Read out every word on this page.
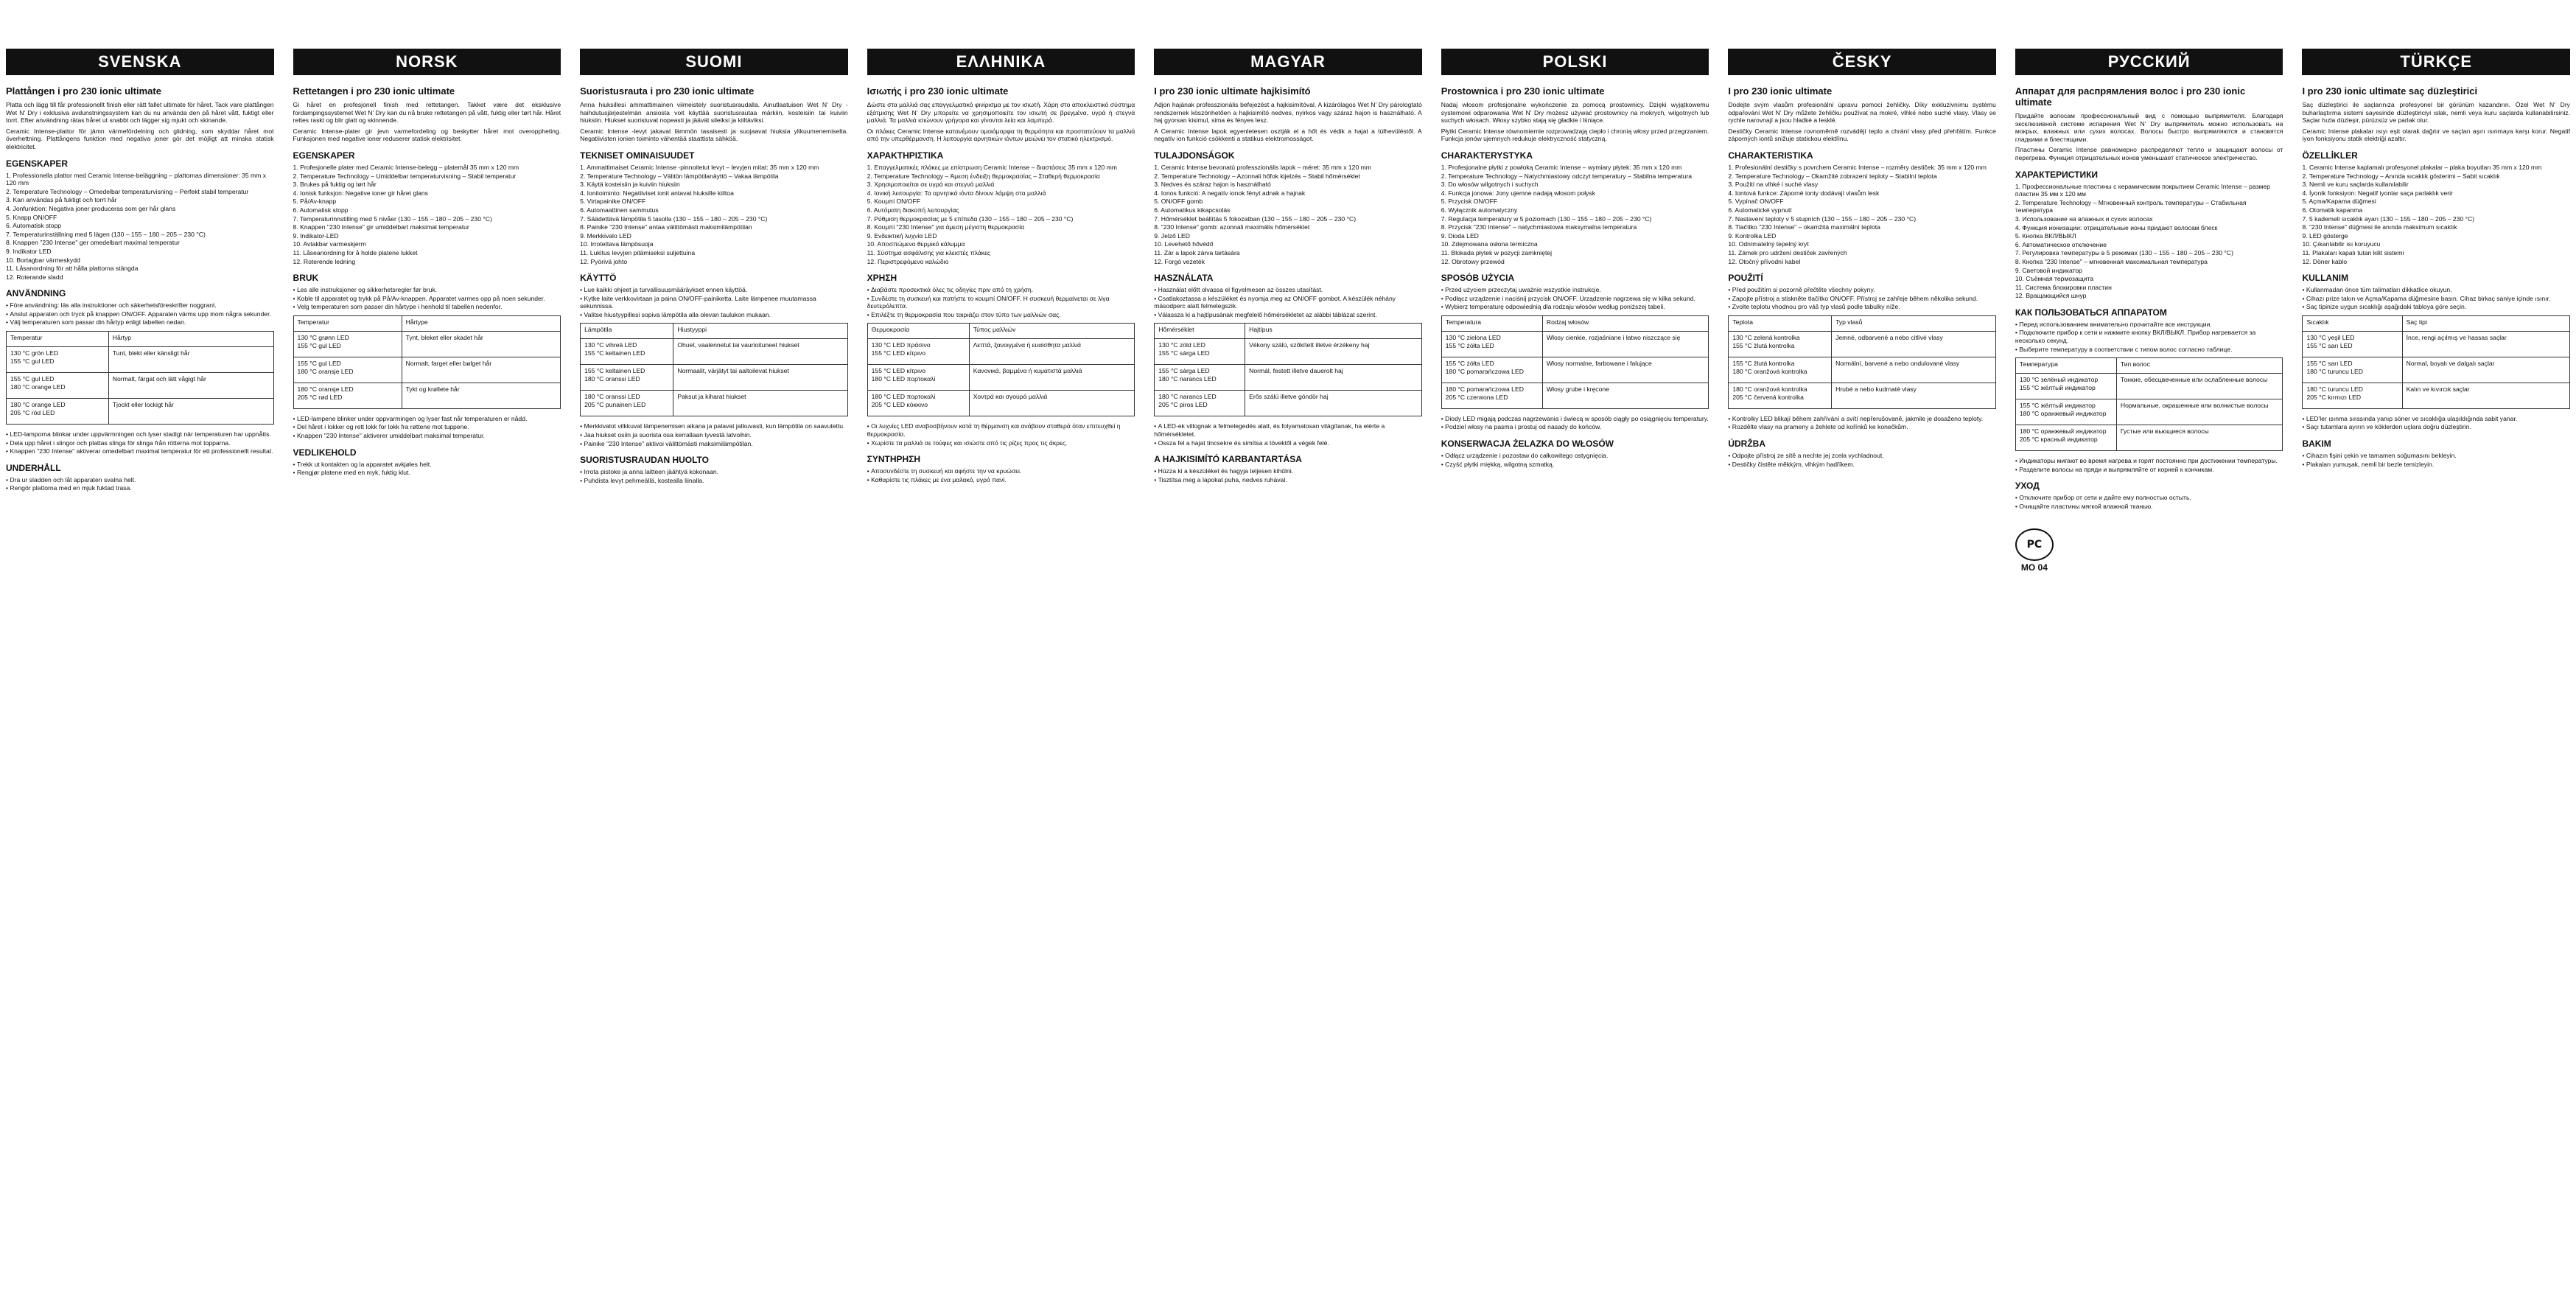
SVENSKA
Plattången i pro 230 ionic ultimate

Platta och lägg till får professionellt finish eller rätt fallet ultimate för håret. Tack vare plattången Wet N' Dry i exklusiva avdunstningssystem kan du nu använda den på håret vått, fuktigt eller torrt. Efter användning rätas håret ut snabbt och lägger sig mjukt och skinande.

Ceramic Intense-plattor för jämn värmefördelning och glidning, som skyddar håret mot överhettning. Plattångens funktion med negativa joner gör det möjligt att minska statisk elektricitet.

EGENSKAPER
1. Professionella plattor med Ceramic Intense-beläggning – plattornas dimensioner: 35 mm x 120 mm
2. Temperature Technology – Omedelbar temperaturvisning – Perfekt stabil temperatur
3. Kan användas på fuktigt och torrt hår
4. Jonfunktion: Negativa joner produceras som ger hår glans
5. Knapp ON/OFF
6. Automatisk stopp
7. Temperaturinställning med 5 lägen (130 – 155 – 180 – 205 – 230 °C)
8. Knappen "230 Intense" ger omedelbart maximal temperatur
9. Indikator LED
10. Bortagbar värmeskydd
11. Låsanordning för att hålla plattorna stängda
12. Roterande sladd
ANVÄNDNING
• Före användning: läs alla instruktioner och säkerhetsföreskrifter noggrant.
• Anslut apparaten och tryck på knappen ON/OFF. Apparaten värms upp inom några sekunder.
• Välj temperaturen som passar din hårtyp enligt tabellen nedan.
Temperatur	Hårtyp
130 °C grön LED
155 °C gul LED	Tunt, blekt eller känsligt hår
155 °C gul LED
180 °C orange LED	Normalt, färgat och lätt vågigt hår
180 °C orange LED
205 °C röd LED	Tjockt eller lockigt hår
• LED-lamporna blinkar under uppvärmningen och lyser stadigt när temperaturen har uppnåtts.
• Dela upp håret i slingor och plattas slinga för slinga från rötterna mot topparna.
• Knappen "230 Intense" aktiverar omedelbart maximal temperatur för ett professionellt resultat.
UNDERHÅLL
• Dra ur sladden och låt apparaten svalna helt.
• Rengör plattorna med en mjuk fuktad trasa.
NORSK
Rettetangen i pro 230 ionic ultimate

Gi håret en profesjonell finish med rettetangen. Takket være det eksklusive fordampingssystemet Wet N' Dry kan du nå bruke rettetangen på vått, fuktig eller tørt hår. Håret rettes raskt og blir glatt og skinnende.

Ceramic Intense-plater gir jevn varmefordeling og beskytter håret mot overoppheting. Funksjonen med negative ioner reduserer statisk elektrisitet.

EGENSKAPER
1. Profesjonelle plater med Ceramic Intense-belegg – platemål 35 mm x 120 mm
2. Temperature Technology – Umiddelbar temperaturvisning – Stabil temperatur
3. Brukes på fuktig og tørt hår
4. Ionisk funksjon: Negative ioner gir håret glans
5. På/Av-knapp
6. Automatisk stopp
7. Temperaturinnstilling med 5 nivåer (130 – 155 – 180 – 205 – 230 °C)
8. Knappen "230 Intense" gir umiddelbart maksimal temperatur
9. Indikator-LED
10. Avtakbar varmeskjerm
11. Låseanordning for å holde platene lukket
12. Roterende ledning
BRUK
• Les alle instruksjoner og sikkerhetsregler før bruk.
• Koble til apparatet og trykk på På/Av-knappen. Apparatet varmes opp på noen sekunder.
• Velg temperaturen som passer din hårtype i henhold til tabellen nedenfor.
Temperatur	Hårtype
130 °C grønn LED
155 °C gul LED	Tynt, bleket eller skadet hår
155 °C gul LED
180 °C oransje LED	Normalt, farget eller bølget hår
180 °C oransje LED
205 °C rød LED	Tykt og krøllete hår
• LED-lampene blinker under oppvarmingen og lyser fast når temperaturen er nådd.
• Del håret i lokker og rett lokk for lokk fra røttene mot tuppene.
• Knappen "230 Intense" aktiverer umiddelbart maksimal temperatur.
VEDLIKEHOLD
• Trekk ut kontakten og la apparatet avkjøles helt.
• Rengjør platene med en myk, fuktig klut.
SUOMI
Suoristusrauta i pro 230 ionic ultimate

Anna hiuksillesi ammattimainen viimeistely suoristusraudalla. Ainutlaatuisen Wet N' Dry -haihdutusjärjestelmän ansiosta voit käyttää suoristusrautaa märkiin, kosteisiin tai kuiviin hiuksiin. Hiukset suoristuvat nopeasti ja jäävät sileiksi ja kiiltäviksi.

Ceramic Intense -levyt jakavat lämmön tasaisesti ja suojaavat hiuksia ylikuumenemiselta. Negatiivisten ionien toiminto vähentää staattista sähköä.

TEKNISET OMINAISUUDET
1. Ammattimaiset Ceramic Intense -pinnoitetut levyt – levyjen mitat: 35 mm x 120 mm
2. Temperature Technology – Välitön lämpötilanäyttö – Vakaa lämpötila
3. Käytä kosteisiin ja kuiviin hiuksiin
4. Ionitoiminto: Negatiiviset ionit antavat hiuksille kiiltoa
5. Virtapainike ON/OFF
6. Automaattinen sammutus
7. Säädettävä lämpötila 5 tasolla (130 – 155 – 180 – 205 – 230 °C)
8. Painike "230 Intense" antaa välittömästi maksimilämpötilan
9. Merkkivalo LED
10. Irrotettava lämpösuoja
11. Lukitus levyjen pitämiseksi suljettuina
12. Pyörivä johto
KÄYTTÖ
• Lue kaikki ohjeet ja turvallisuusmääräykset ennen käyttöä.
• Kytke laite verkkovirtaan ja paina ON/OFF-painiketta. Laite lämpenee muutamassa sekunnissa.
• Valitse hiustyypillesi sopiva lämpötila alla olevan taulukon mukaan.
Lämpötila	Hiustyyppi
130 °C vihreä LED
155 °C keltainen LED	Ohuet, vaalennetut tai vaurioituneet hiukset
155 °C keltainen LED
180 °C oranssi LED	Normaalit, värjätyt tai aaltoilevat hiukset
180 °C oranssi LED
205 °C punainen LED	Paksut ja kiharat hiukset
• Merkkivalot vilkkuvat lämpenemisen aikana ja palavat jatkuvasti, kun lämpötila on saavutettu.
• Jaa hiukset osiin ja suorista osa kerrallaan tyvestä latvoihin.
• Painike "230 Intense" aktivoi välittömästi maksimilämpötilan.
SUORISTUSRAUDAN HUOLTO
• Irrota pistoke ja anna laitteen jäähtyä kokonaan.
• Puhdista levyt pehmeällä, kostealla liinalla.
ΕΛΛΗΝΙΚΑ
Ισιωτής i pro 230 ionic ultimate

Δώστε στα μαλλιά σας επαγγελματικό φινίρισμα με τον ισιωτή. Χάρη στο αποκλειστικό σύστημα εξάτμισης Wet N' Dry μπορείτε να χρησιμοποιείτε τον ισιωτή σε βρεγμένα, υγρά ή στεγνά μαλλιά. Τα μαλλιά ισιώνουν γρήγορα και γίνονται λεία και λαμπερά.

Οι πλάκες Ceramic Intense κατανέμουν ομοιόμορφα τη θερμότητα και προστατεύουν τα μαλλιά από την υπερθέρμανση. Η λειτουργία αρνητικών ιόντων μειώνει τον στατικό ηλεκτρισμό.

ΧΑΡΑΚΤΗΡΙΣΤΙΚΑ
1. Επαγγελματικές πλάκες με επίστρωση Ceramic Intense – διαστάσεις 35 mm x 120 mm
2. Temperature Technology – Άμεση ένδειξη θερμοκρασίας – Σταθερή θερμοκρασία
3. Χρησιμοποιείται σε υγρά και στεγνά μαλλιά
4. Ιονική λειτουργία: Τα αρνητικά ιόντα δίνουν λάμψη στα μαλλιά
5. Κουμπί ON/OFF
6. Αυτόματη διακοπή λειτουργίας
7. Ρύθμιση θερμοκρασίας με 5 επίπεδα (130 – 155 – 180 – 205 – 230 °C)
8. Κουμπί "230 Intense" για άμεση μέγιστη θερμοκρασία
9. Ενδεικτική λυχνία LED
10. Αποσπώμενο θερμικό κάλυμμα
11. Σύστημα ασφάλισης για κλειστές πλάκες
12. Περιστρεφόμενο καλώδιο
ΧΡΗΣΗ
• Διαβάστε προσεκτικά όλες τις οδηγίες πριν από τη χρήση.
• Συνδέστε τη συσκευή και πατήστε το κουμπί ON/OFF. Η συσκευή θερμαίνεται σε λίγα δευτερόλεπτα.
• Επιλέξτε τη θερμοκρασία που ταιριάζει στον τύπο των μαλλιών σας.
Θερμοκρασία	Τύπος μαλλιών
130 °C LED πράσινο
155 °C LED κίτρινο	Λεπτά, ξανοιγμένα ή ευαίσθητα μαλλιά
155 °C LED κίτρινο
180 °C LED πορτοκαλί	Κανονικά, βαμμένα ή κυματιστά μαλλιά
180 °C LED πορτοκαλί
205 °C LED κόκκινο	Χοντρά και σγουρά μαλλιά
• Οι λυχνίες LED αναβοσβήνουν κατά τη θέρμανση και ανάβουν σταθερά όταν επιτευχθεί η θερμοκρασία.
• Χωρίστε τα μαλλιά σε τούφες και ισιώστε από τις ρίζες προς τις άκρες.
ΣΥΝΤΗΡΗΣΗ
• Αποσυνδέστε τη συσκευή και αφήστε την να κρυώσει.
• Καθαρίστε τις πλάκες με ένα μαλακό, υγρό πανί.
MAGYAR
I pro 230 ionic ultimate hajkisimító

Adjon hajának professzionális befejezést a hajkisimítóval. A kizárólagos Wet N' Dry párologtató rendszernek köszönhetően a hajkisimító nedves, nyirkos vagy száraz hajon is használható. A haj gyorsan kisimul, sima és fényes lesz.

A Ceramic Intense lapok egyenletesen osztják el a hőt és védik a hajat a túlhevüléstől. A negatív ion funkció csökkenti a statikus elektromosságot.

TULAJDONSÁGOK
1. Ceramic Intense bevonatú professzionális lapok – méret: 35 mm x 120 mm
2. Temperature Technology – Azonnali hőfok kijelzés – Stabil hőmérséklet
3. Nedves és száraz hajon is használható
4. Ionos funkció: A negatív ionok fényt adnak a hajnak
5. ON/OFF gomb
6. Automatikus kikapcsolás
7. Hőmérséklet beállítás 5 fokozatban (130 – 155 – 180 – 205 – 230 °C)
8. "230 Intense" gomb: azonnali maximális hőmérséklet
9. Jelző LED
10. Levehető hővédő
11. Zár a lapok zárva tartására
12. Forgó vezeték
HASZNÁLATA
• Használat előtt olvassa el figyelmesen az összes utasítást.
• Csatlakoztassa a készüléket és nyomja meg az ON/OFF gombot. A készülék néhány másodperc alatt felmelegszik.
• Válassza ki a hajtípusának megfelelő hőmérsékletet az alábbi táblázat szerint.
Hőmérséklet	Hajtípus
130 °C zöld LED
155 °C sárga LED	Vékony szálú, szőkített illetve érzékeny haj
155 °C sárga LED
180 °C narancs LED	Normál, festett illetve dauerolt haj
180 °C narancs LED
205 °C piros LED	Erős szálú illetve göndör haj
• A LED-ek villognak a felmelegedés alatt, és folyamatosan világítanak, ha elérte a hőmérsékletet.
• Ossza fel a hajat tincsekre és simítsa a tövektől a végek felé.
A HAJKISIMÍTÓ KARBANTARTÁSA
• Húzza ki a készüléket és hagyja teljesen kihűlni.
• Tisztítsa meg a lapokat puha, nedves ruhával.
POLSKI
Prostownica i pro 230 ionic ultimate

Nadaj włosom profesjonalne wykończenie za pomocą prostownicy. Dzięki wyjątkowemu systemowi odparowania Wet N' Dry możesz używać prostownicy na mokrych, wilgotnych lub suchych włosach. Włosy szybko stają się gładkie i lśniące.

Płytki Ceramic Intense równomiernie rozprowadzają ciepło i chronią włosy przed przegrzaniem. Funkcja jonów ujemnych redukuje elektryczność statyczną.

CHARAKTERYSTYKA
1. Profesjonalne płytki z powłoką Ceramic Intense – wymiary płytek: 35 mm x 120 mm
2. Temperature Technology – Natychmiastowy odczyt temperatury – Stabilna temperatura
3. Do włosów wilgotnych i suchych
4. Funkcja jonowa: Jony ujemne nadają włosom połysk
5. Przycisk ON/OFF
6. Wyłącznik automatyczny
7. Regulacja temperatury w 5 poziomach (130 – 155 – 180 – 205 – 230 °C)
8. Przycisk "230 Intense" – natychmiastowa maksymalna temperatura
9. Dioda LED
10. Zdejmowana osłona termiczna
11. Blokada płytek w pozycji zamkniętej
12. Obrotowy przewód
SPOSÓB UŻYCIA
• Przed użyciem przeczytaj uważnie wszystkie instrukcje.
• Podłącz urządzenie i naciśnij przycisk ON/OFF. Urządzenie nagrzewa się w kilka sekund.
• Wybierz temperaturę odpowiednią dla rodzaju włosów według poniższej tabeli.
Temperatura	Rodzaj włosów
130 °C zielona LED
155 °C żółta LED	Włosy cienkie, rozjaśniane i łatwo niszczące się
155 °C żółta LED
180 °C pomarańczowa LED	Włosy normalne, farbowane i falujące
180 °C pomarańczowa LED
205 °C czerwona LED	Włosy grube i kręcone
• Diody LED migają podczas nagrzewania i świecą w sposób ciągły po osiągnięciu temperatury.
• Podziel włosy na pasma i prostuj od nasady do końców.
KONSERWACJA ŻELAZKA DO WŁOSÓW
• Odłącz urządzenie i pozostaw do całkowitego ostygnięcia.
• Czyść płytki miękką, wilgotną szmatką.
ČESKY
I pro 230 ionic ultimate

Dodejte svým vlasům profesionální úpravu pomocí žehličky. Díky exkluzivnímu systému odpařování Wet N' Dry můžete žehličku používat na mokré, vlhké nebo suché vlasy. Vlasy se rychle narovnají a jsou hladké a lesklé.

Destičky Ceramic Intense rovnoměrně rozvádějí teplo a chrání vlasy před přehřátím. Funkce záporných iontů snižuje statickou elektřinu.

CHARAKTERISTIKA
1. Profesionální destičky s povrchem Ceramic Intense – rozměry destiček: 35 mm x 120 mm
2. Temperature Technology – Okamžité zobrazení teploty – Stabilní teplota
3. Použití na vlhké i suché vlasy
4. Iontová funkce: Záporné ionty dodávají vlasům lesk
5. Vypínač ON/OFF
6. Automatické vypnutí
7. Nastavení teploty v 5 stupních (130 – 155 – 180 – 205 – 230 °C)
8. Tlačítko "230 Intense" – okamžitá maximální teplota
9. Kontrolka LED
10. Odnímatelný tepelný kryt
11. Zámek pro udržení destiček zavřených
12. Otočný přívodní kabel
POUŽITÍ
• Před použitím si pozorně přečtěte všechny pokyny.
• Zapojte přístroj a stiskněte tlačítko ON/OFF. Přístroj se zahřeje během několika sekund.
• Zvolte teplotu vhodnou pro váš typ vlasů podle tabulky níže.
Teplota	Typ vlasů
130 °C zelená kontrolka
155 °C žlutá kontrolka	Jemné, odbarvené a nebo citlivé vlasy
155 °C žlutá kontrolka
180 °C oranžová kontrolka	Normální, barvené a nebo ondulované vlasy
180 °C oranžová kontrolka
205 °C červená kontrolka	Hrubé a nebo kudrnaté vlasy
• Kontrolky LED blikají během zahřívání a svítí nepřerušovaně, jakmile je dosaženo teploty.
• Rozdělte vlasy na prameny a žehlete od kořínků ke konečkům.
ÚDRŽBA
• Odpojte přístroj ze sítě a nechte jej zcela vychladnout.
• Destičky čistěte měkkým, vlhkým hadříkem.
РУССКИЙ
Аппарат для распрямления волос i pro 230 ionic ultimate

Придайте волосам профессиональный вид с помощью выпрямителя. Благодаря эксклюзивной системе испарения Wet N' Dry выпрямитель можно использовать на мокрых, влажных или сухих волосах. Волосы быстро выпрямляются и становятся гладкими и блестящими.

Пластины Ceramic Intense равномерно распределяют тепло и защищают волосы от перегрева. Функция отрицательных ионов уменьшает статическое электричество.

ХАРАКТЕРИСТИКИ
1. Профессиональные пластины с керамическим покрытием Ceramic Intense – размер пластин 35 мм x 120 мм
2. Temperature Technology – Мгновенный контроль температуры – Стабильная температура
3. Использование на влажных и сухих волосах
4. Функция ионизации: отрицательные ионы придают волосам блеск
5. Кнопка ВКЛ/ВЫКЛ
6. Автоматическое отключение
7. Регулировка температуры в 5 режимах (130 – 155 – 180 – 205 – 230 °C)
8. Кнопка "230 Intense" – мгновенная максимальная температура
9. Световой индикатор
10. Съёмная термозащита
11. Система блокировки пластин
12. Вращающийся шнур
КАК ПОЛЬЗОВАТЬСЯ АППАРАТОМ
• Перед использованием внимательно прочитайте все инструкции.
• Подключите прибор к сети и нажмите кнопку ВКЛ/ВЫКЛ. Прибор нагревается за несколько секунд.
• Выберите температуру в соответствии с типом волос согласно таблице.
Температура	Тип волос
130 °C зелёный индикатор
155 °C жёлтый индикатор	Тонкие, обесцвеченные или ослабленные волосы
155 °C жёлтый индикатор
180 °C оранжевый индикатор	Нормальные, окрашенные или волнистые волосы
180 °C оранжевый индикатор
205 °C красный индикатор	Густые или вьющиеся волосы
• Индикаторы мигают во время нагрева и горят постоянно при достижении температуры.
• Разделите волосы на пряди и выпрямляйте от корней к кончикам.
УХОД
• Отключите прибор от сети и дайте ему полностью остыть.
• Очищайте пластины мягкой влажной тканью.
РС
МО 04
TÜRKÇE
I pro 230 ionic ultimate saç düzleştirici

Saç düzleştirici ile saçlarınıza profesyonel bir görünüm kazandırın. Özel Wet N' Dry buharlaştırma sistemi sayesinde düzleştiriciyi ıslak, nemli veya kuru saçlarda kullanabilirsiniz. Saçlar hızla düzleşir, pürüzsüz ve parlak olur.

Ceramic Intense plakalar ısıyı eşit olarak dağıtır ve saçları aşırı ısınmaya karşı korur. Negatif iyon fonksiyonu statik elektriği azaltır.

ÖZELLİKLER
1. Ceramic Intense kaplamalı profesyonel plakalar – plaka boyutları 35 mm x 120 mm
2. Temperature Technology – Anında sıcaklık gösterimi – Sabit sıcaklık
3. Nemli ve kuru saçlarda kullanılabilir
4. İyonik fonksiyon: Negatif iyonlar saça parlaklık verir
5. Açma/Kapama düğmesi
6. Otomatik kapanma
7. 5 kademeli sıcaklık ayarı (130 – 155 – 180 – 205 – 230 °C)
8. "230 Intense" düğmesi ile anında maksimum sıcaklık
9. LED gösterge
10. Çıkarılabilir ısı koruyucu
11. Plakaları kapalı tutan kilit sistemi
12. Döner kablo
KULLANIM
• Kullanmadan önce tüm talimatları dikkatlice okuyun.
• Cihazı prize takın ve Açma/Kapama düğmesine basın. Cihaz birkaç saniye içinde ısınır.
• Saç tipinize uygun sıcaklığı aşağıdaki tabloya göre seçin.
Sıcaklık	Saç tipi
130 °C yeşil LED
155 °C sarı LED	İnce, rengi açılmış ve hassas saçlar
155 °C sarı LED
180 °C turuncu LED	Normal, boyalı ve dalgalı saçlar
180 °C turuncu LED
205 °C kırmızı LED	Kalın ve kıvırcık saçlar
• LED'ler ısınma sırasında yanıp söner ve sıcaklığa ulaşıldığında sabit yanar.
• Saçı tutamlara ayırın ve köklerden uçlara doğru düzleştirin.
BAKIM
• Cihazın fişini çekin ve tamamen soğumasını bekleyin.
• Plakaları yumuşak, nemli bir bezle temizleyin.
